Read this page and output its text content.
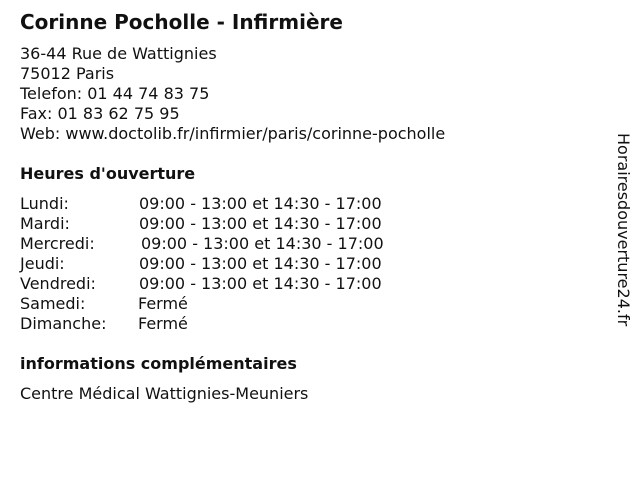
Corinne Pocholle - Infirmière
36-44 Rue de Wattignies
75012 Paris
Telefon: 01 44 74 83 75
Fax: 01 83 62 75 95
Web: www.doctolib.fr/infirmier/paris/corinne-pocholle
Heures d'ouverture
Lundi:	09:00 - 13:00 et 14:30 - 17:00
Mardi:	09:00 - 13:00 et 14:30 - 17:00
Mercredi:	09:00 - 13:00 et 14:30 - 17:00
Jeudi:	09:00 - 13:00 et 14:30 - 17:00
Vendredi:	09:00 - 13:00 et 14:30 - 17:00
Samedi:	Fermé
Dimanche: Fermé
informations complémentaires
Centre Médical Wattignies-Meuniers
Horairesdouverture24.fr
